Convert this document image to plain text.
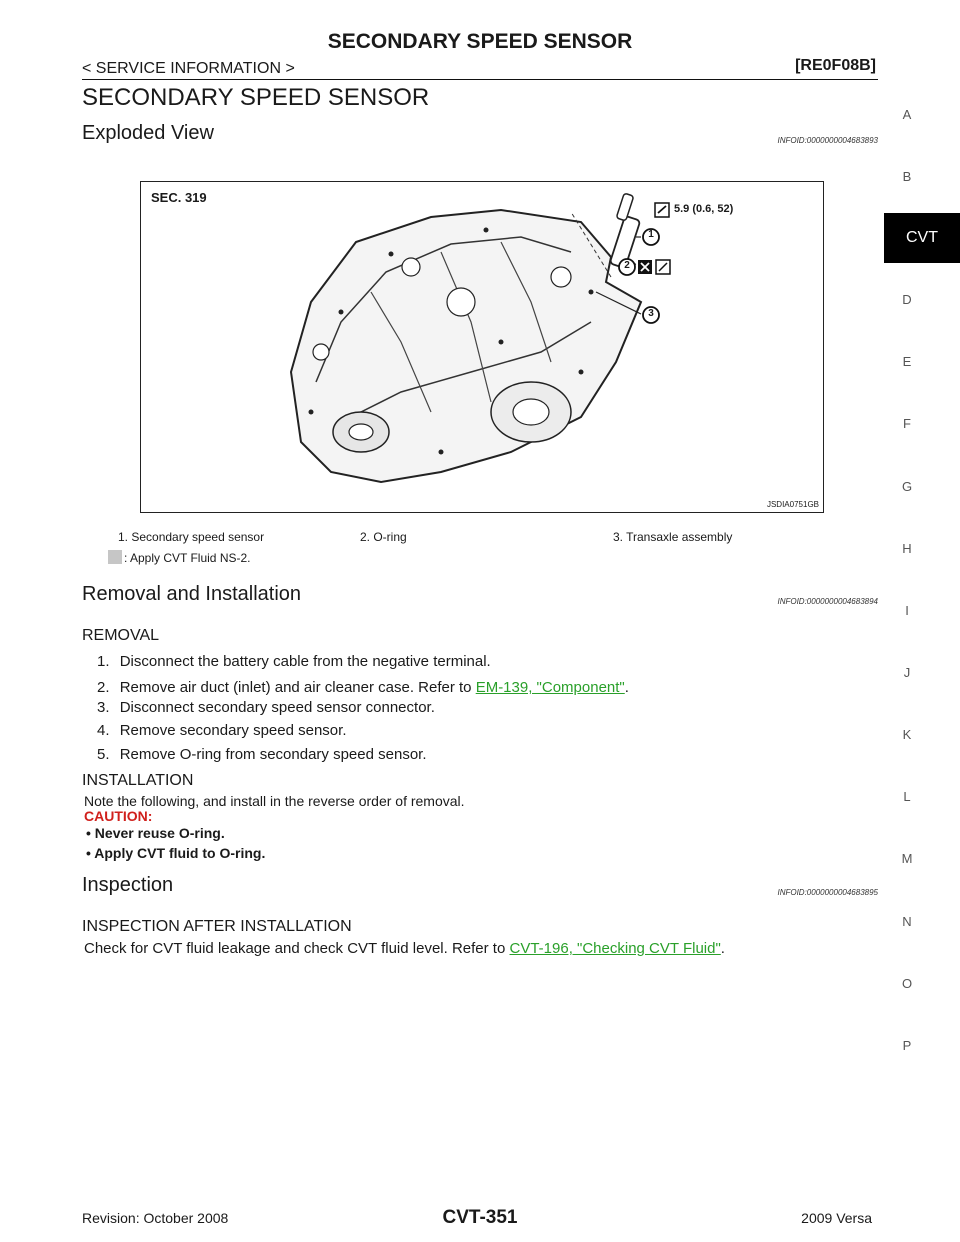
SECONDARY SPEED SENSOR
< SERVICE INFORMATION >	[RE0F08B]
A
B
CVT
D
E
F
G
H
I
J
K
L
M
N
O
P
SECONDARY SPEED SENSOR
Exploded View	INFOID:0000000004683893
SEC. 319
5.9 (0.6, 52)
1
2
3
JSDIA0751GB
1. Secondary speed sensor	2. O-ring	3. Transaxle assembly
: Apply CVT Fluid NS-2.
Removal and Installation	INFOID:0000000004683894
REMOVAL
1. Disconnect the battery cable from the negative terminal.
2. Remove air duct (inlet) and air cleaner case. Refer to EM-139, "Component".
3. Disconnect secondary speed sensor connector.
4. Remove secondary speed sensor.
5. Remove O-ring from secondary speed sensor.
INSTALLATION
Note the following, and install in the reverse order of removal.
CAUTION:
• Never reuse O-ring.
• Apply CVT fluid to O-ring.
Inspection	INFOID:0000000004683895
INSPECTION AFTER INSTALLATION
Check for CVT fluid leakage and check CVT fluid level. Refer to CVT-196, "Checking CVT Fluid".
Revision: October 2008	CVT-351	2009 Versa
